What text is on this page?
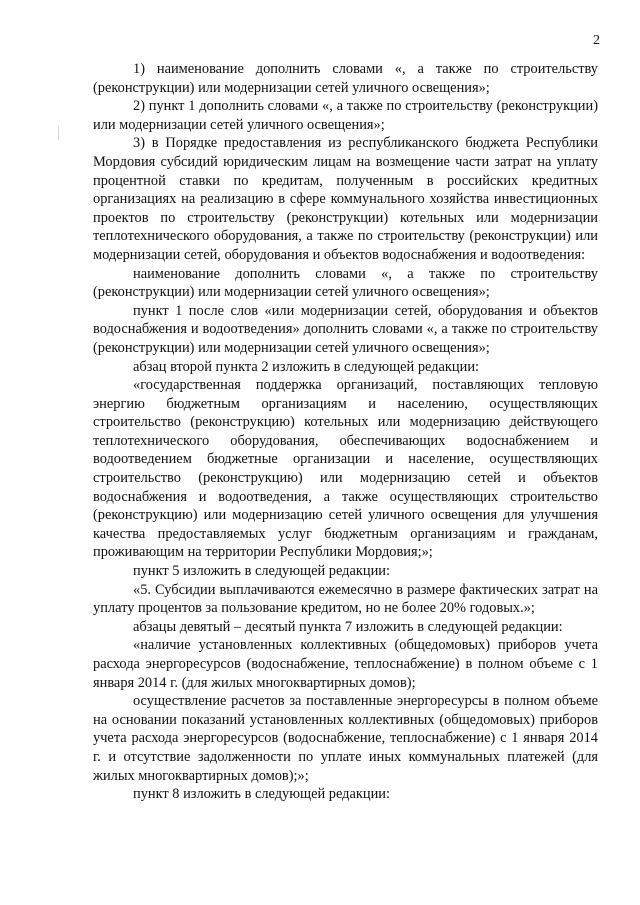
2

1) наименование дополнить словами «, а также по строительству (реконструкции) или модернизации сетей уличного освещения»;

2) пункт 1 дополнить словами «, а также по строительству (реконструкции) или модернизации сетей уличного освещения»;

3) в Порядке предоставления из республиканского бюджета Республики Мордовия субсидий юридическим лицам на возмещение части затрат на уплату процентной ставки по кредитам, полученным в российских кредитных организациях на реализацию в сфере коммунального хозяйства инвестиционных проектов по строительству (реконструкции) котельных или модернизации теплотехнического оборудования, а также по строительству (реконструкции) или модернизации сетей, оборудования и объектов водоснабжения и водоотведения:

наименование дополнить словами «, а также по строительству (реконструкции) или модернизации сетей уличного освещения»;

пункт 1 после слов «или модернизации сетей, оборудования и объектов водоснабжения и водоотведения» дополнить словами «, а также по строительству (реконструкции) или модернизации сетей уличного освещения»;

абзац второй пункта 2 изложить в следующей редакции:

«государственная поддержка организаций, поставляющих тепловую энергию бюджетным организациям и населению, осуществляющих строительство (реконструкцию) котельных или модернизацию действующего теплотехнического оборудования, обеспечивающих водоснабжением и водоотведением бюджетные организации и население, осуществляющих строительство (реконструкцию) или модернизацию сетей и объектов водоснабжения и водоотведения, а также осуществляющих строительство (реконструкцию) или модернизацию сетей уличного освещения для улучшения качества предоставляемых услуг бюджетным организациям и гражданам, проживающим на территории Республики Мордовия;»;

пункт 5 изложить в следующей редакции:

«5. Субсидии выплачиваются ежемесячно в размере фактических затрат на уплату процентов за пользование кредитом, но не более 20% годовых.»;

абзацы девятый – десятый пункта 7 изложить в следующей редакции:

«наличие установленных коллективных (общедомовых) приборов учета расхода энергоресурсов (водоснабжение, теплоснабжение) в полном объеме с 1 января 2014 г. (для жилых многоквартирных домов);

осуществление расчетов за поставленные энергоресурсы в полном объеме на основании показаний установленных коллективных (общедомовых) приборов учета расхода энергоресурсов (водоснабжение, теплоснабжение) с 1 января 2014 г. и отсутствие задолженности по уплате иных коммунальных платежей (для жилых многоквартирных домов);»;

пункт 8 изложить в следующей редакции:
